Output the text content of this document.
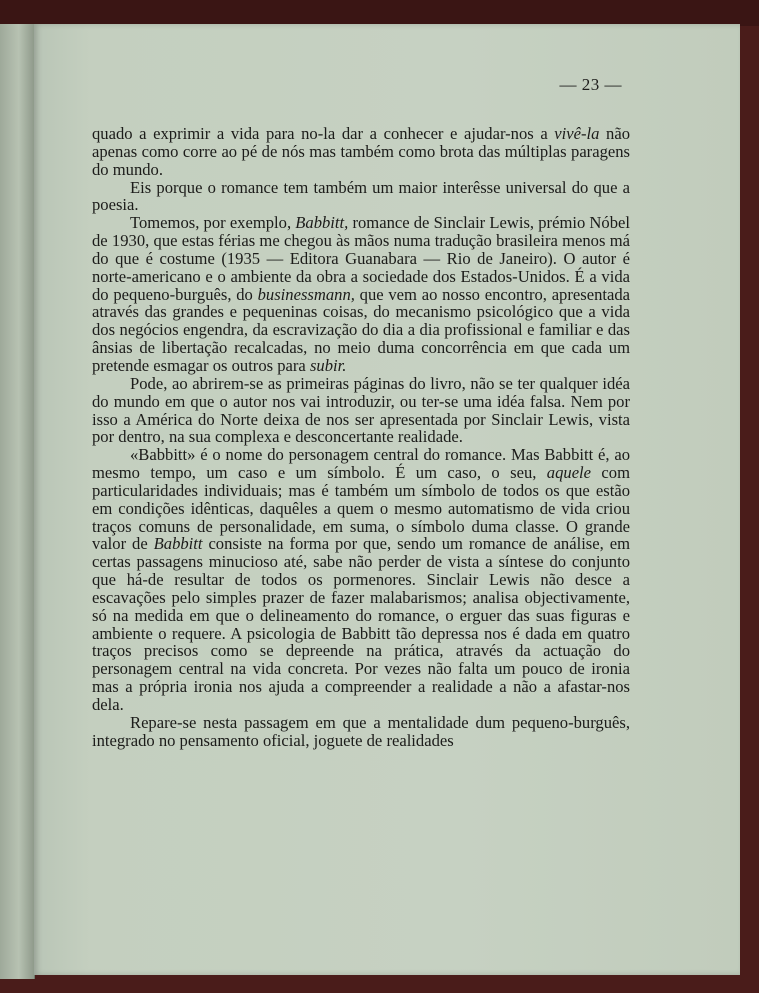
— 23 —

quado a exprimir a vida para no-la dar a conhecer e ajudar-nos a vivê-la não apenas como corre ao pé de nós mas também como brota das múltiplas paragens do mundo.

Eis porque o romance tem também um maior interêsse universal do que a poesia.

Tomemos, por exemplo, Babbitt, romance de Sinclair Lewis, prémio Nóbel de 1930, que estas férias me chegou às mãos numa tradução brasileira menos má do que é costume (1935 — Editora Guanabara — Rio de Janeiro). O autor é norte-americano e o ambiente da obra a sociedade dos Estados-Unidos. É a vida do pequeno-burguês, do businessmann, que vem ao nosso encontro, apresentada através das grandes e pequeninas coisas, do mecanismo psicológico que a vida dos negócios engendra, da escravização do dia a dia profissional e familiar e das ânsias de libertação recalcadas, no meio duma concorrência em que cada um pretende esmagar os outros para subir.

Pode, ao abrirem-se as primeiras páginas do livro, não se ter qualquer idéa do mundo em que o autor nos vai introduzir, ou ter-se uma idéa falsa. Nem por isso a América do Norte deixa de nos ser apresentada por Sinclair Lewis, vista por dentro, na sua complexa e desconcertante realidade.

«Babbitt» é o nome do personagem central do romance. Mas Babbitt é, ao mesmo tempo, um caso e um símbolo. É um caso, o seu, aquele com particularidades individuais; mas é também um símbolo de todos os que estão em condições idênticas, daquêles a quem o mesmo automatismo de vida criou traços comuns de personalidade, em suma, o símbolo duma classe. O grande valor de Babbitt consiste na forma por que, sendo um romance de análise, em certas passagens minucioso até, sabe não perder de vista a síntese do conjunto que há-de resultar de todos os pormenores. Sinclair Lewis não desce a escavações pelo simples prazer de fazer malabarismos; analisa objectivamente, só na medida em que o delineamento do romance, o erguer das suas figuras e ambiente o requere. A psicologia de Babbitt tão depressa nos é dada em quatro traços precisos como se depreende na prática, através da actuação do personagem central na vida concreta. Por vezes não falta um pouco de ironia mas a própria ironia nos ajuda a compreender a realidade a não a afastar-nos dela.

Repare-se nesta passagem em que a mentalidade dum pequeno-burguês, integrado no pensamento oficial, joguete de realidades
